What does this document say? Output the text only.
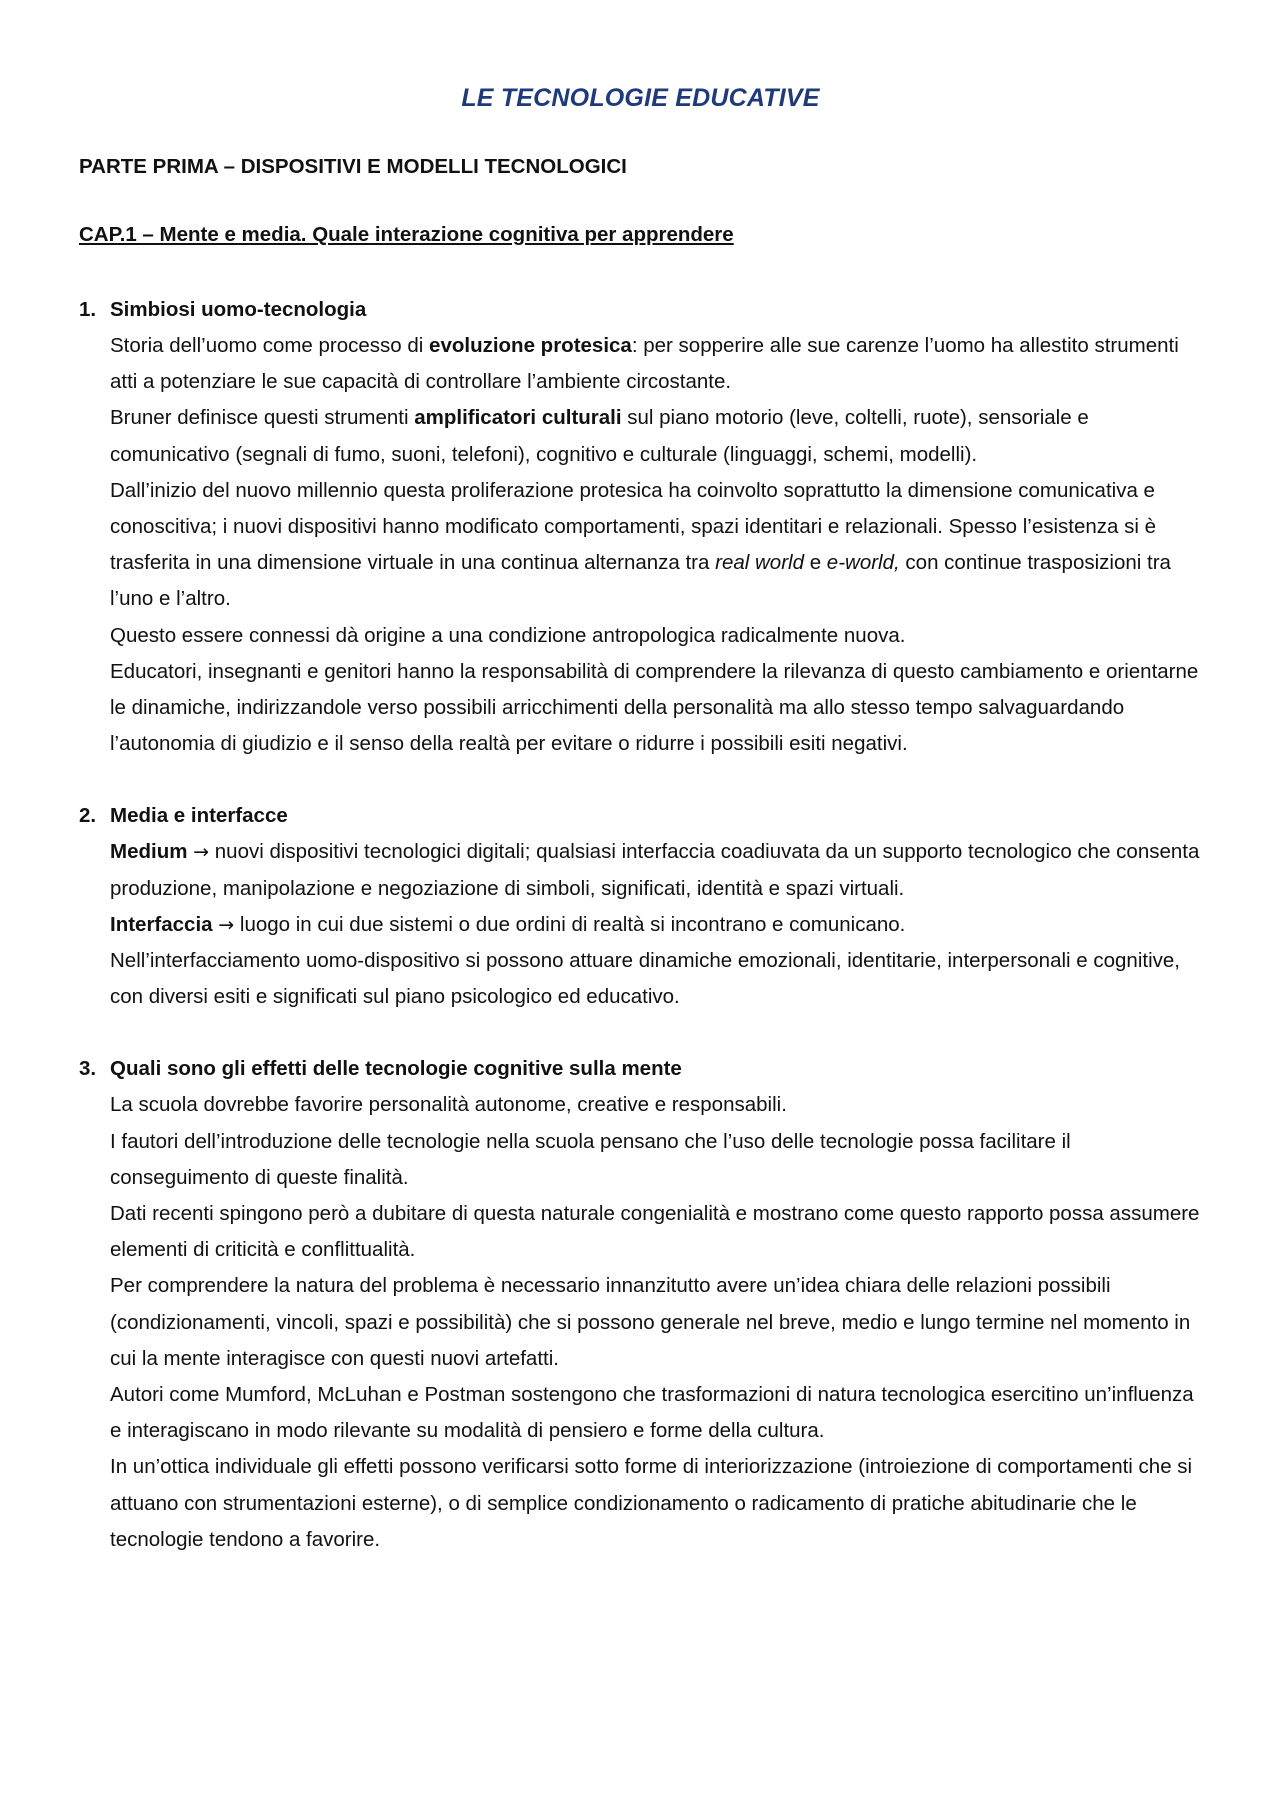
LE TECNOLOGIE EDUCATIVE
PARTE PRIMA – DISPOSITIVI E MODELLI TECNOLOGICI
CAP.1 – Mente e media. Quale interazione cognitiva per apprendere
1. Simbiosi uomo-tecnologia

Storia dell’uomo come processo di evoluzione protesica: per sopperire alle sue carenze l’uomo ha allestito strumenti atti a potenziare le sue capacità di controllare l’ambiente circostante.

Bruner definisce questi strumenti amplificatori culturali sul piano motorio (leve, coltelli, ruote), sensoriale e comunicativo (segnali di fumo, suoni, telefoni), cognitivo e culturale (linguaggi, schemi, modelli).

Dall’inizio del nuovo millennio questa proliferazione protesica ha coinvolto soprattutto la dimensione comunicativa e conoscitiva; i nuovi dispositivi hanno modificato comportamenti, spazi identitari e relazionali. Spesso l’esistenza si è trasferita in una dimensione virtuale in una continua alternanza tra real world e e-world, con continue trasposizioni tra l’uno e l’altro.

Questo essere connessi dà origine a una condizione antropologica radicalmente nuova.

Educatori, insegnanti e genitori hanno la responsabilità di comprendere la rilevanza di questo cambiamento e orientarne le dinamiche, indirizzandole verso possibili arricchimenti della personalità ma allo stesso tempo salvaguardando l’autonomia di giudizio e il senso della realtà per evitare o ridurre i possibili esiti negativi.

2. Media e interfacce

Medium → nuovi dispositivi tecnologici digitali; qualsiasi interfaccia coadiuvata da un supporto tecnologico che consenta produzione, manipolazione e negoziazione di simboli, significati, identità e spazi virtuali.

Interfaccia → luogo in cui due sistemi o due ordini di realtà si incontrano e comunicano.

Nell’interfacciamento uomo-dispositivo si possono attuare dinamiche emozionali, identitarie, interpersonali e cognitive, con diversi esiti e significati sul piano psicologico ed educativo.

3. Quali sono gli effetti delle tecnologie cognitive sulla mente

La scuola dovrebbe favorire personalità autonome, creative e responsabili.

I fautori dell’introduzione delle tecnologie nella scuola pensano che l’uso delle tecnologie possa facilitare il conseguimento di queste finalità.

Dati recenti spingono però a dubitare di questa naturale congenialità e mostrano come questo rapporto possa assumere elementi di criticità e conflittualità.

Per comprendere la natura del problema è necessario innanzitutto avere un’idea chiara delle relazioni possibili (condizionamenti, vincoli, spazi e possibilità) che si possono generale nel breve, medio e lungo termine nel momento in cui la mente interagisce con questi nuovi artefatti.

Autori come Mumford, McLuhan e Postman sostengono che trasformazioni di natura tecnologica esercitino un’influenza e interagiscano in modo rilevante su modalità di pensiero e forme della cultura.

In un’ottica individuale gli effetti possono verificarsi sotto forme di interiorizzazione (introiezione di comportamenti che si attuano con strumentazioni esterne), o di semplice condizionamento o radicamento di pratiche abitudinarie che le tecnologie tendono a favorire.
